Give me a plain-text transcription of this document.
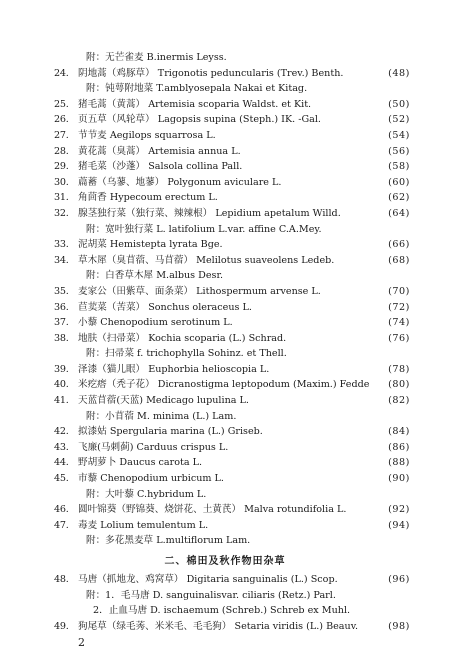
附：无芒雀麦 B.inermis Leyss.
24. 阴地蒿（鸡豚草） Trigonotis peduncularis (Trev.) Benth.	(48)
附：钝萼附地菜 T.amblyosepala Nakai et Kitag.
25. 猪毛蒿（黄蒿） Artemisia scoparia Waldst. et Kit.	(50)
26. 页五草（风轮草） Lagopsis supina (Steph.) IK. -Gal.	(52)
27. 节节麦 Aegilops squarrosa L.	(54)
28. 黄花蒿（臭蒿） Artemisia annua L.	(56)
29. 猪毛菜（沙蓬） Salsola collina Pall.	(58)
30. 萹蓄（乌蓼、地蓼） Polygonum aviculare L.	(60)
31. 角茴香 Hypecoum erectum L.	(62)
32. 腺茎独行菜（独行菜、辣辣根） Lepidium apetalum Willd.	(64)
附：宽叶独行菜 L. latifolium L.var. affine C.A.Mey.
33. 泥胡菜 Hemistepta lyrata Bge.	(66)
34. 草木犀（臭苜蓿、马苜蓿） Melilotus suaveolens Ledeb.	(68)
附：白香草木犀 M.albus Desr.
35. 麦家公（田紫草、面条菜） Lithospermum arvense L.	(70)
36. 苣荬菜（苦菜） Sonchus oleraceus L.	(72)
37. 小藜 Chenopodium serotinum L.	(74)
38. 地肤（扫帚菜） Kochia scoparia (L.) Schrad.	(76)
附：扫帚菜 f. trichophylla Sohinz. et Thell.
39. 泽漆（猫儿眼） Euphorbia helioscopia L.	(78)
40. 米疙瘩（秃子花） Dicranostigma leptopodum (Maxim.) Fedde	(80)
41. 天蓝苜蓿(天蓝) Medicago lupulina L.	(82)
附：小苜蓿 M. minima (L.) Lam.
42. 拟漆姑 Spergularia marina (L.) Griseb.	(84)
43. 飞廉(马刺蓟) Carduus crispus L.	(86)
44. 野胡萝卜 Daucus carota L.	(88)
45. 市藜 Chenopodium urbicum L.	(90)
附：大叶藜 C.hybridum L.
46. 圆叶锦葵（野锦葵、烧饼花、土黄芪） Malva rotundifolia L.	(92)
47. 毒麦 Lolium temulentum L.	(94)
附：多花黑麦草 L.multiflorum Lam.
二、棉田及秋作物田杂草
48. 马唐（抓地龙、鸡窝草） Digitaria sanguinalis (L.) Scop.	(96)
附：1．毛马唐 D. sanguinalisvar. ciliaris (Retz.) Parl.
2．止血马唐 D. ischaemum (Schreb.) Schreb ex Muhl.
49. 狗尾草（绿毛莠、米米毛、毛毛狗） Setaria viridis (L.) Beauv.	(98)
2
